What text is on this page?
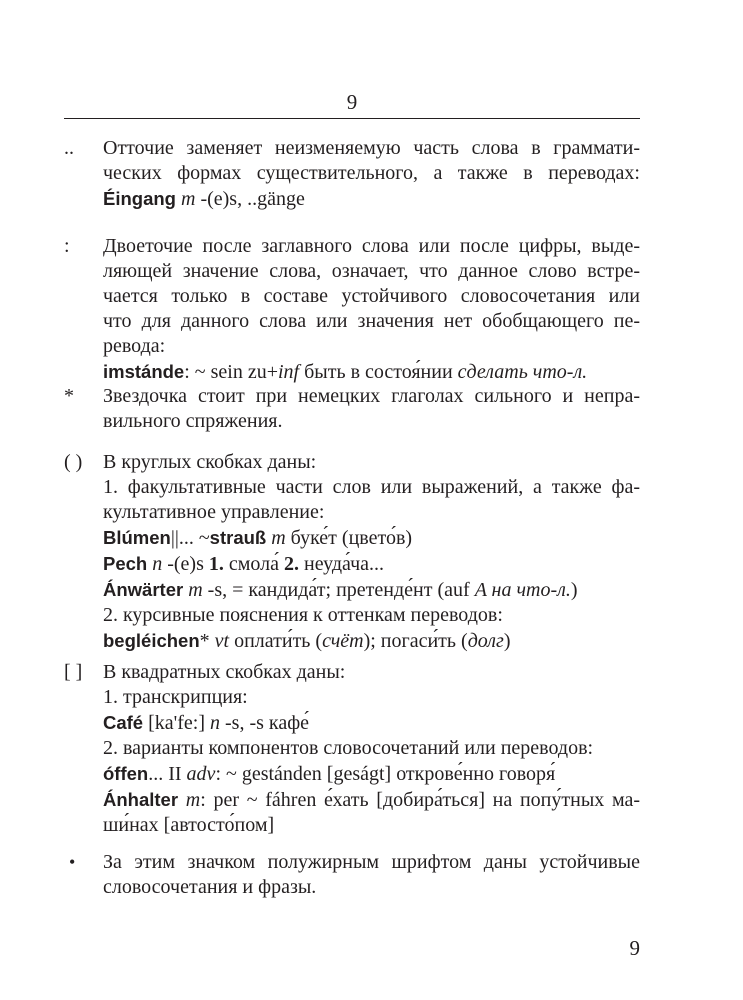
9
..	Отточие заменяет неизменяемую часть слова в граммати-
ческих формах существительного, а также в переводах:
Éingang m -(e)s, ..gänge
:	Двоеточие после заглавного слова или после цифры, выде-
ляющей значение слова, означает, что данное слово встре-
чается только в составе устойчивого словосочетания или
что для данного слова или значения нет обобщающего пе-
ревода:
imstánde: ~ sein zu+inf быть в состоя́нии сделать что-л.
*	Звездочка стоит при немецких глаголах сильного и непра-
вильного спряжения.
( )	В круглых скобках даны:
1. факультативные части слов или выражений, а также фа-
культативное управление:
Blúmen||... ~strauß m буке́т (цвето́в)
Pech n -(e)s 1. смола́ 2. неуда́ча...
Ánwärter m -s, = кандида́т; претенде́нт (auf A на что-л.)
2. курсивные пояснения к оттенкам переводов:
begléichen* vt оплати́ть (счёт); погаси́ть (долг)
[ ]	В квадратных скобках даны:
1. транскрипция:
Café [ka'fe:] n -s, -s кафе́
2. варианты компонентов словосочетаний или переводов:
óffen... II adv: ~ gestánden [geságt] открове́нно говоря́
Ánhalter m: per ~ fáhren е́хать [добира́ться] на попу́тных ма-
ши́нах [автосто́пом]
•	За этим значком полужирным шрифтом даны устойчивые
словосочетания и фразы.
9
